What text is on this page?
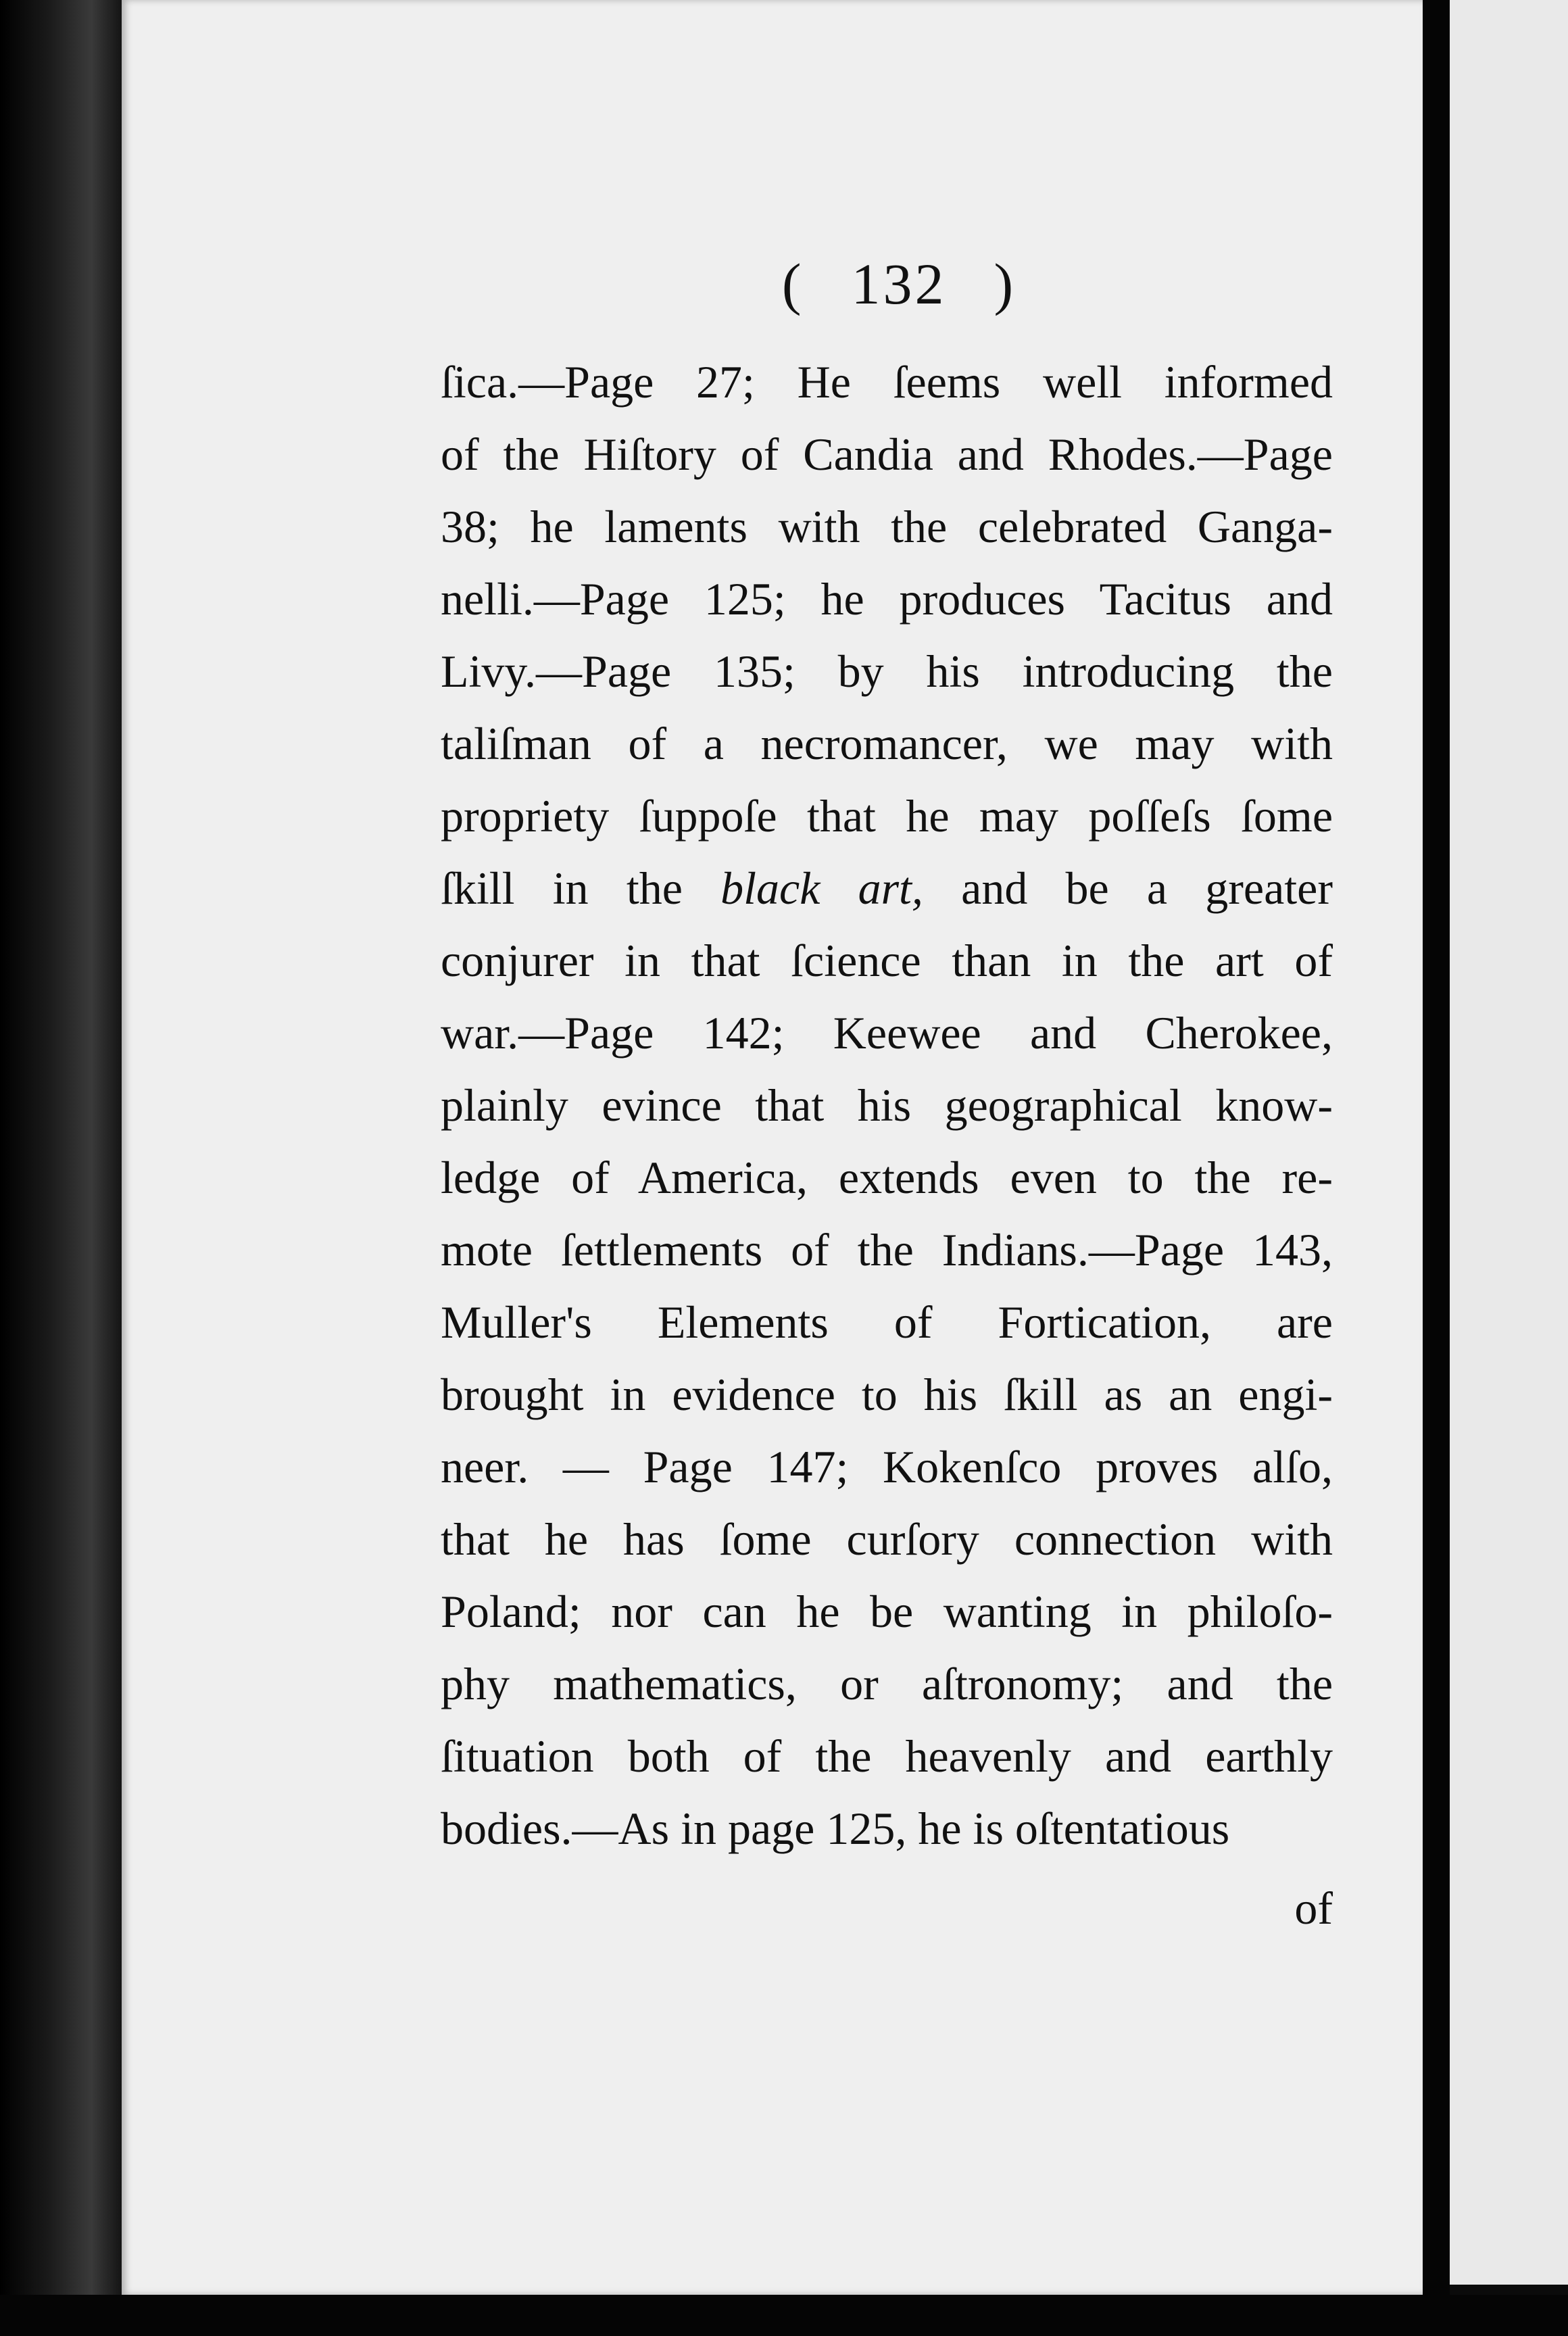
( 132 )
ſica.—Page 27; He ſeems well informed
of the Hiſtory of Candia and Rhodes.—Page
38; he laments with the celebrated Ganga-
nelli.—Page 125; he produces Tacitus and
Livy.—Page 135; by his introducing the
taliſman of a necromancer, we may with
propriety ſuppoſe that he may poſſeſs ſome
ſkill in the black art, and be a greater
conjurer in that ſcience than in the art of
war.—Page 142; Keewee and Cherokee,
plainly evince that his geographical know-
ledge of America, extends even to the re-
mote ſettlements of the Indians.—Page 143,
Muller's Elements of Fortication, are
brought in evidence to his ſkill as an engi-
neer. — Page 147; Kokenſco proves alſo,
that he has ſome curſory connection with
Poland; nor can he be wanting in philoſo-
phy mathematics, or aſtronomy; and the
ſituation both of the heavenly and earthly
bodies.—As in page 125, he is oſtentatious
of
